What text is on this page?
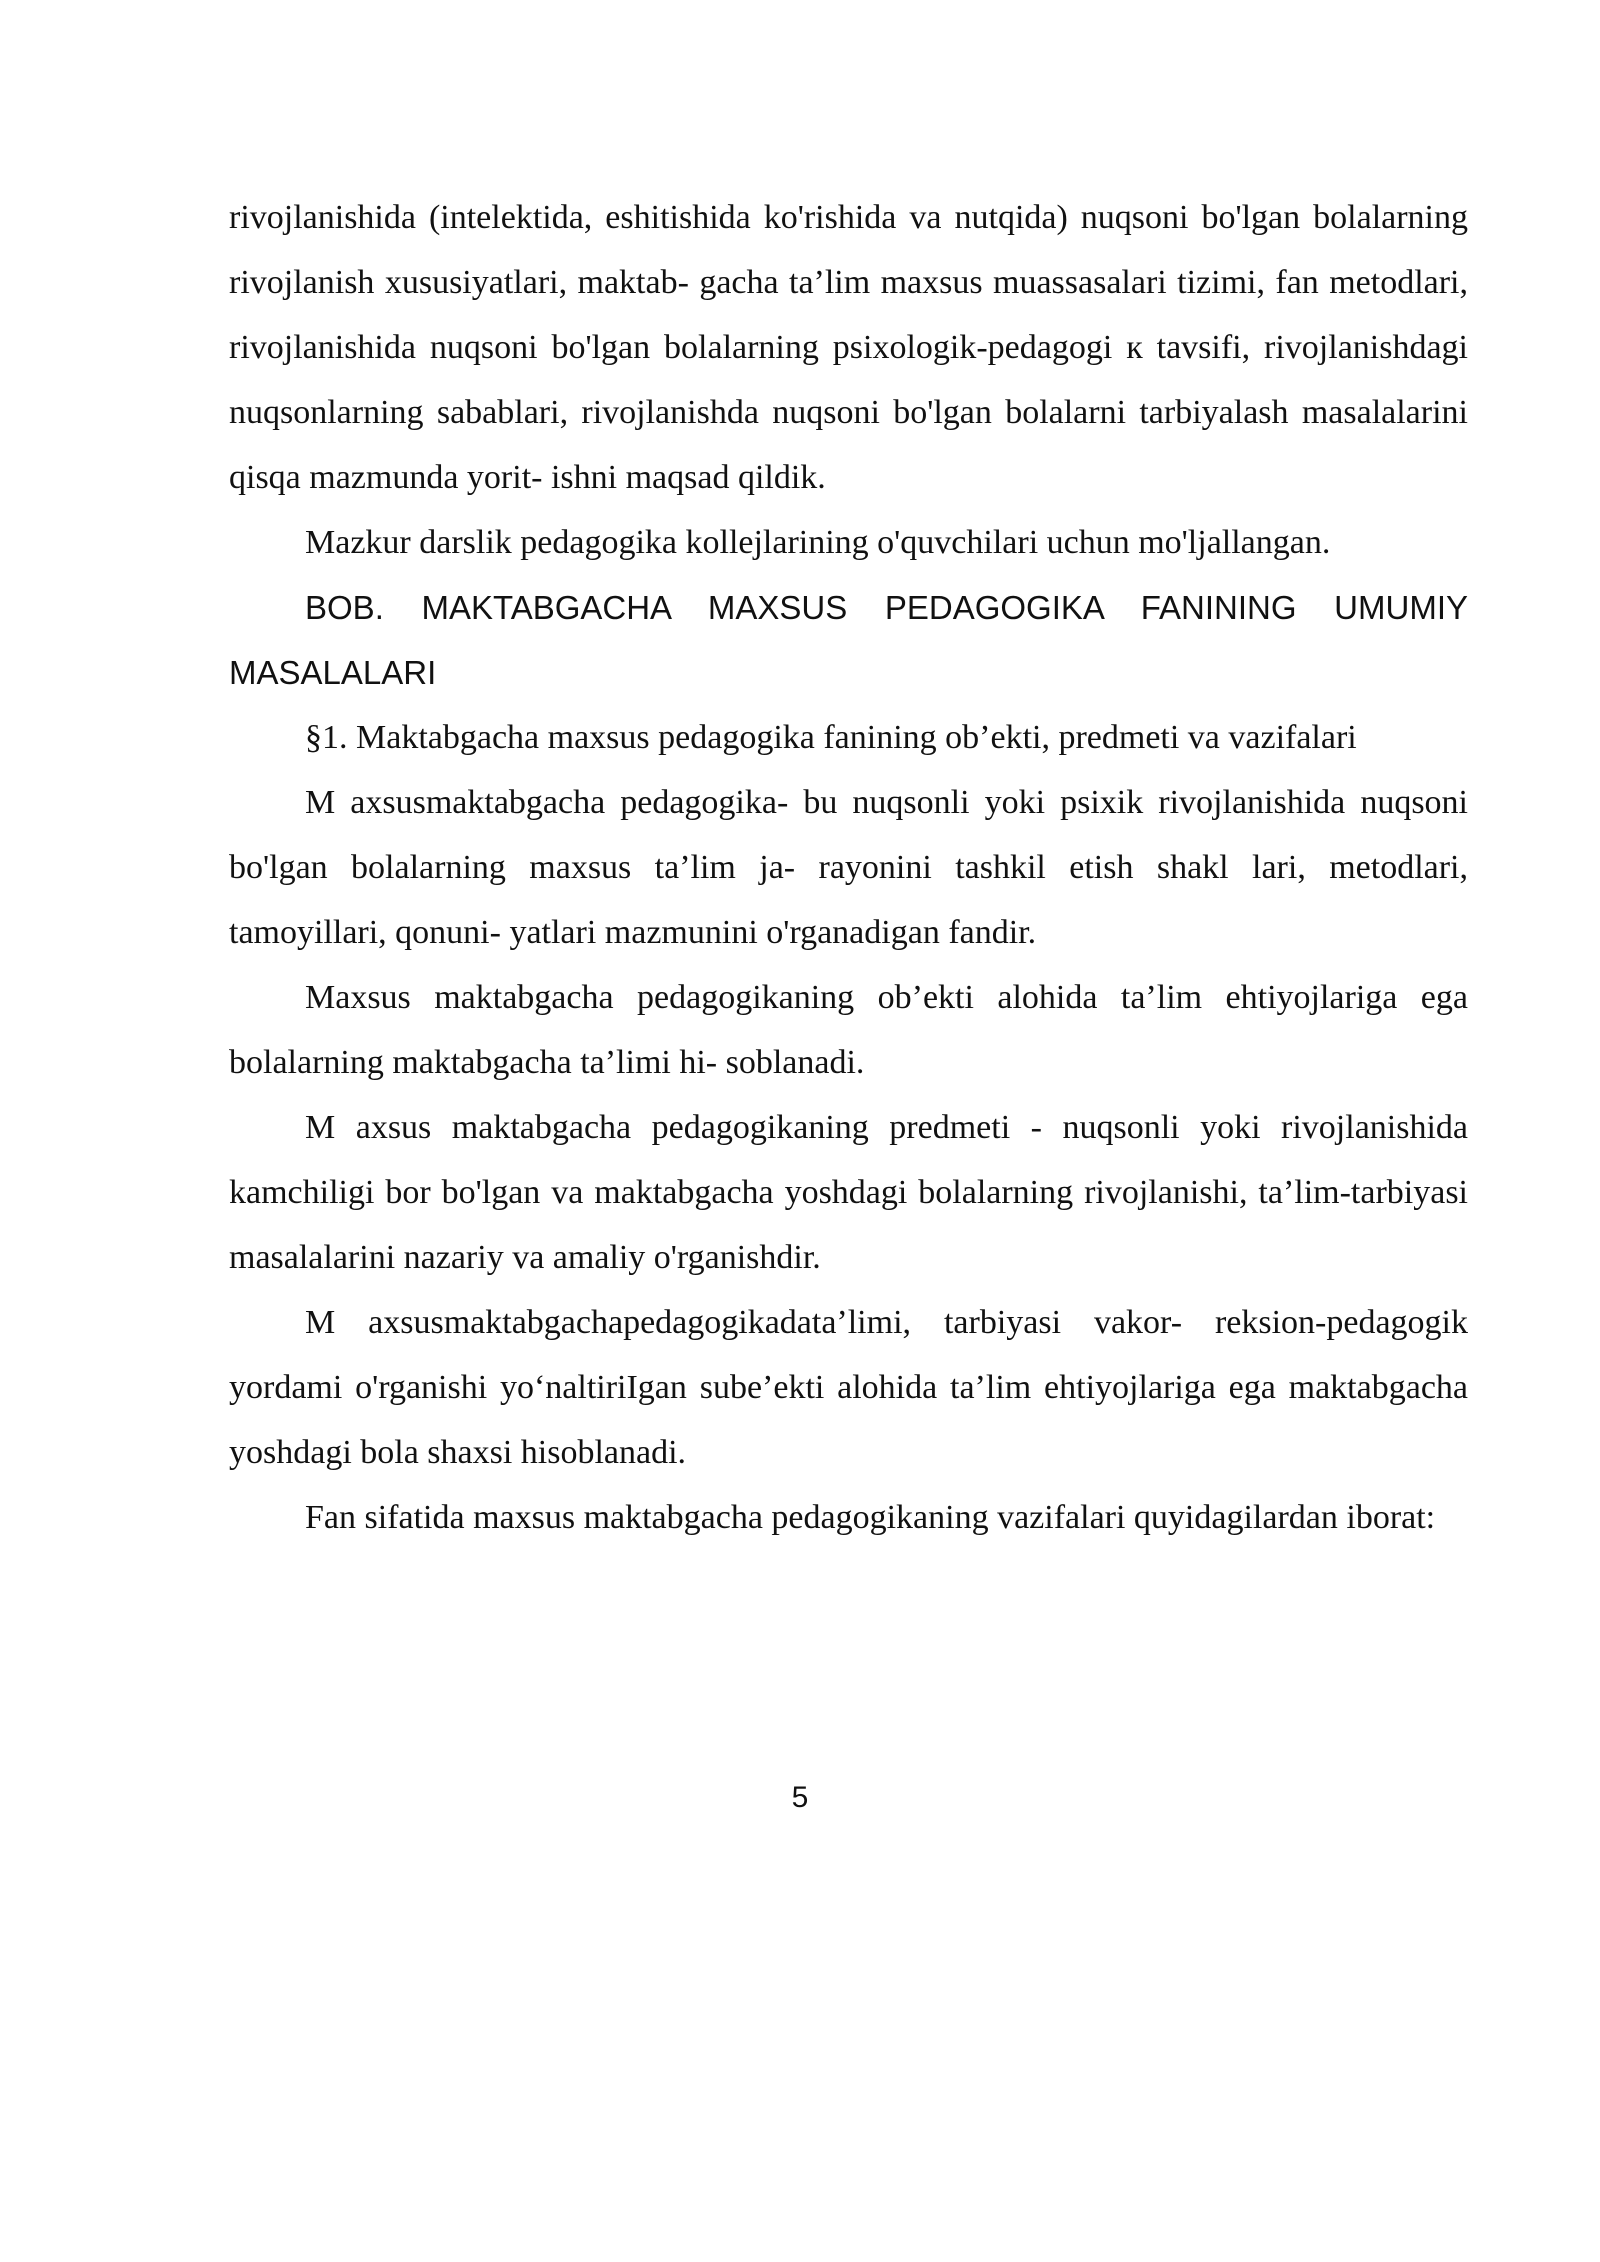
rivojlanishida (intelektida, eshitishida ko'rishida va nutqida) nuqsoni bo'lgan bolalarning rivojlanish xususiyatlari, maktab- gacha ta’lim maxsus muassasalari tizimi, fan metodlari, rivojlanishida nuqsoni bo'lgan bolalarning psixologik-pedagogi к tavsifi, rivojlanishdagi nuqsonlarning sabablari, rivojlanishda nuqsoni bo'lgan bolalarni tarbiyalash masalalarini qisqa mazmunda yorit- ishni maqsad qildik.

Mazkur darslik pedagogika kollejlarining o'quvchilari uchun mo'ljallangan.

BOB. MAKTABGACHA MAXSUS PEDAGOGIKA FANINING UMUMIY MASALALARI

§1. Maktabgacha maxsus pedagogika fanining ob’ekti, predmeti va vazifalari

M axsusmaktabgacha pedagogika- bu nuqsonli yoki psixik rivojlanishida nuqsoni bo'lgan bolalarning maxsus ta’lim ja- rayonini tashkil etish shakl lari, metodlari, tamoyillari, qonuni- yatlari mazmunini o'rganadigan fandir.

Maxsus maktabgacha pedagogikaning ob’ekti alohida ta’lim ehtiyojlariga ega bolalarning maktabgacha ta’limi hi- soblanadi.

M axsus maktabgacha pedagogikaning predmeti - nuqsonli yoki rivojlanishida kamchiligi bor bo'lgan va maktabgacha yoshdagi bolalarning rivojlanishi, ta’lim-tarbiyasi masalalarini nazariy va amaliy o'rganishdir.

M axsusmaktabgachapedagogikadata’limi, tarbiyasi vakor- reksion-pedagogik yordami o'rganishi yo‘naltiriIgan sube’ekti alohida ta’lim ehtiyojlariga ega maktabgacha yoshdagi bola shaxsi hisoblanadi.

Fan sifatida maxsus maktabgacha pedagogikaning vazifalari quyidagilardan iborat:

5
